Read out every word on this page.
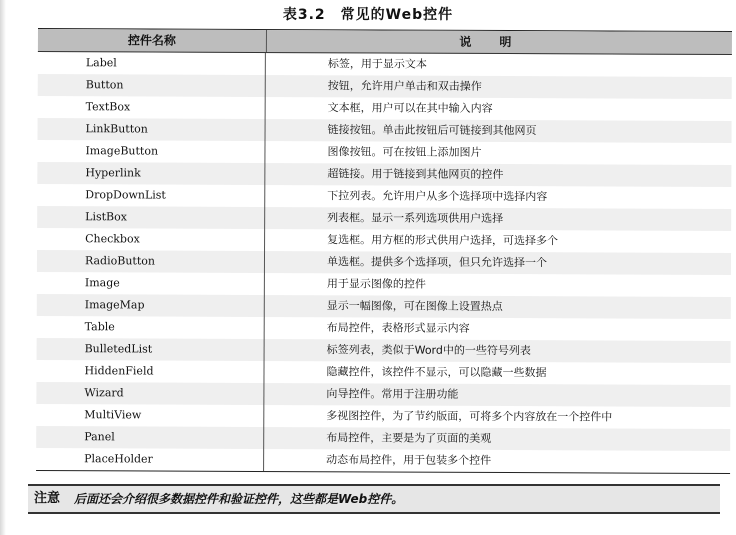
表3.2　常见的Web控件
控件名称	说明
Label	标签，用于显示文本
Button	按钮，允许用户单击和双击操作
TextBox	文本框，用户可以在其中输入内容
LinkButton	链接按钮。单击此按钮后可链接到其他网页
ImageButton	图像按钮。可在按钮上添加图片
Hyperlink	超链接。用于链接到其他网页的控件
DropDownList	下拉列表。允许用户从多个选择项中选择内容
ListBox	列表框。显示一系列选项供用户选择
Checkbox	复选框。用方框的形式供用户选择，可选择多个
RadioButton	单选框。提供多个选择项，但只允许选择一个
Image	用于显示图像的控件
ImageMap	显示一幅图像，可在图像上设置热点
Table	布局控件，表格形式显示内容
BulletedList	标签列表，类似于Word中的一些符号列表
HiddenField	隐藏控件，该控件不显示，可以隐藏一些数据
Wizard	向导控件。常用于注册功能
MultiView	多视图控件，为了节约版面，可将多个内容放在一个控件中
Panel	布局控件，主要是为了页面的美观
PlaceHolder	动态布局控件，用于包装多个控件
注意 后面还会介绍很多数据控件和验证控件，这些都是Web控件。
